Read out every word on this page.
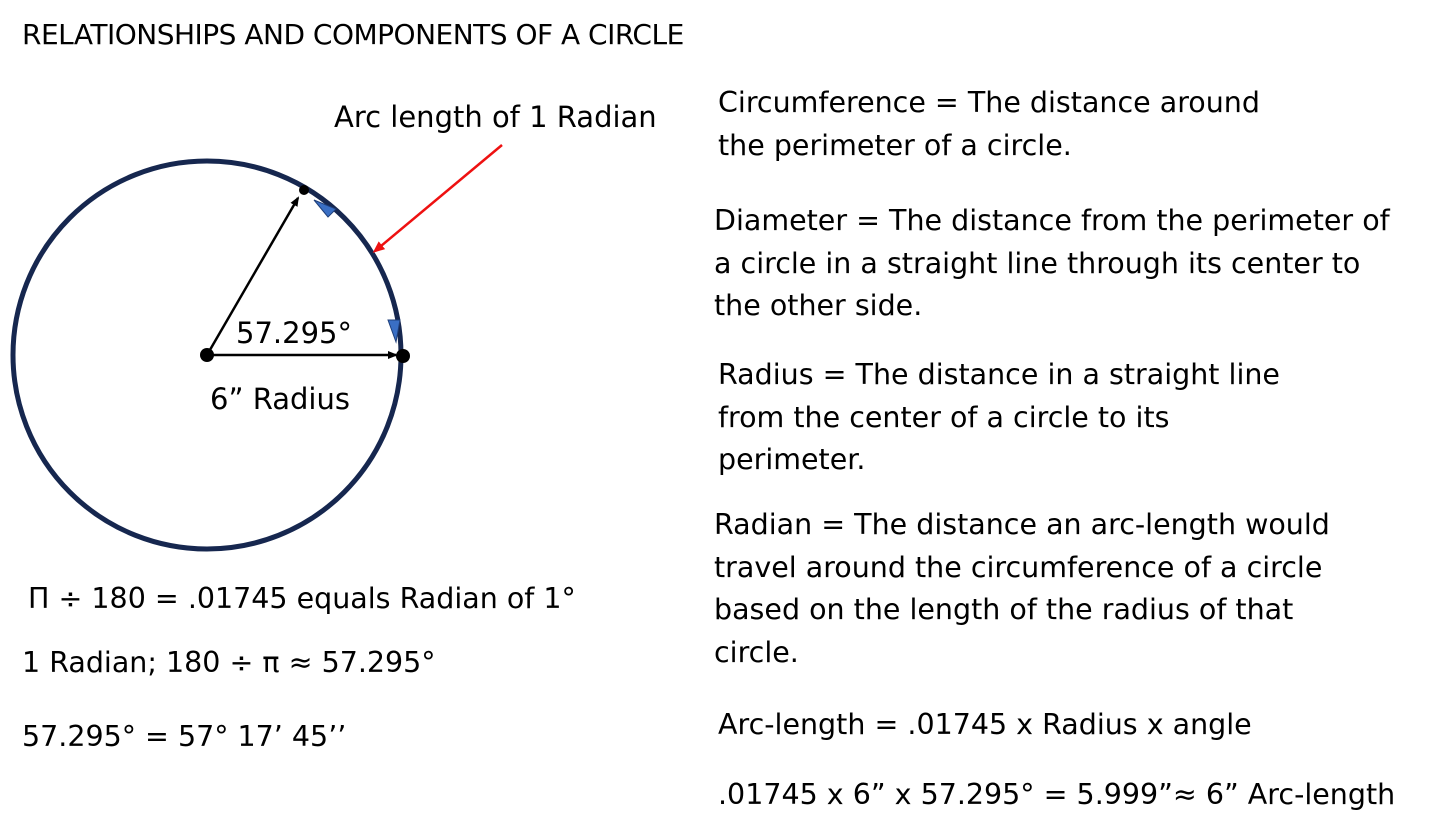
RELATIONSHIPS AND COMPONENTS OF A CIRCLE
Arc length of 1 Radian
57.295°
6” Radius
Circumference = The distance around
the perimeter of a circle.
Diameter = The distance from the perimeter of
a circle in a straight line through its center to
the other side.
Radius = The distance in a straight line
from the center of a circle to its
perimeter.
Radian = The distance an arc-length would
travel around the circumference of a circle
based on the length of the radius of that
circle.
Π ÷ 180 = .01745 equals Radian of 1°
1 Radian; 180 ÷ π ≈ 57.295°
57.295° = 57° 17’ 45’’	Arc-length = .01745 x Radius x angle
.01745 x 6” x 57.295° = 5.999”≈ 6” Arc-length
